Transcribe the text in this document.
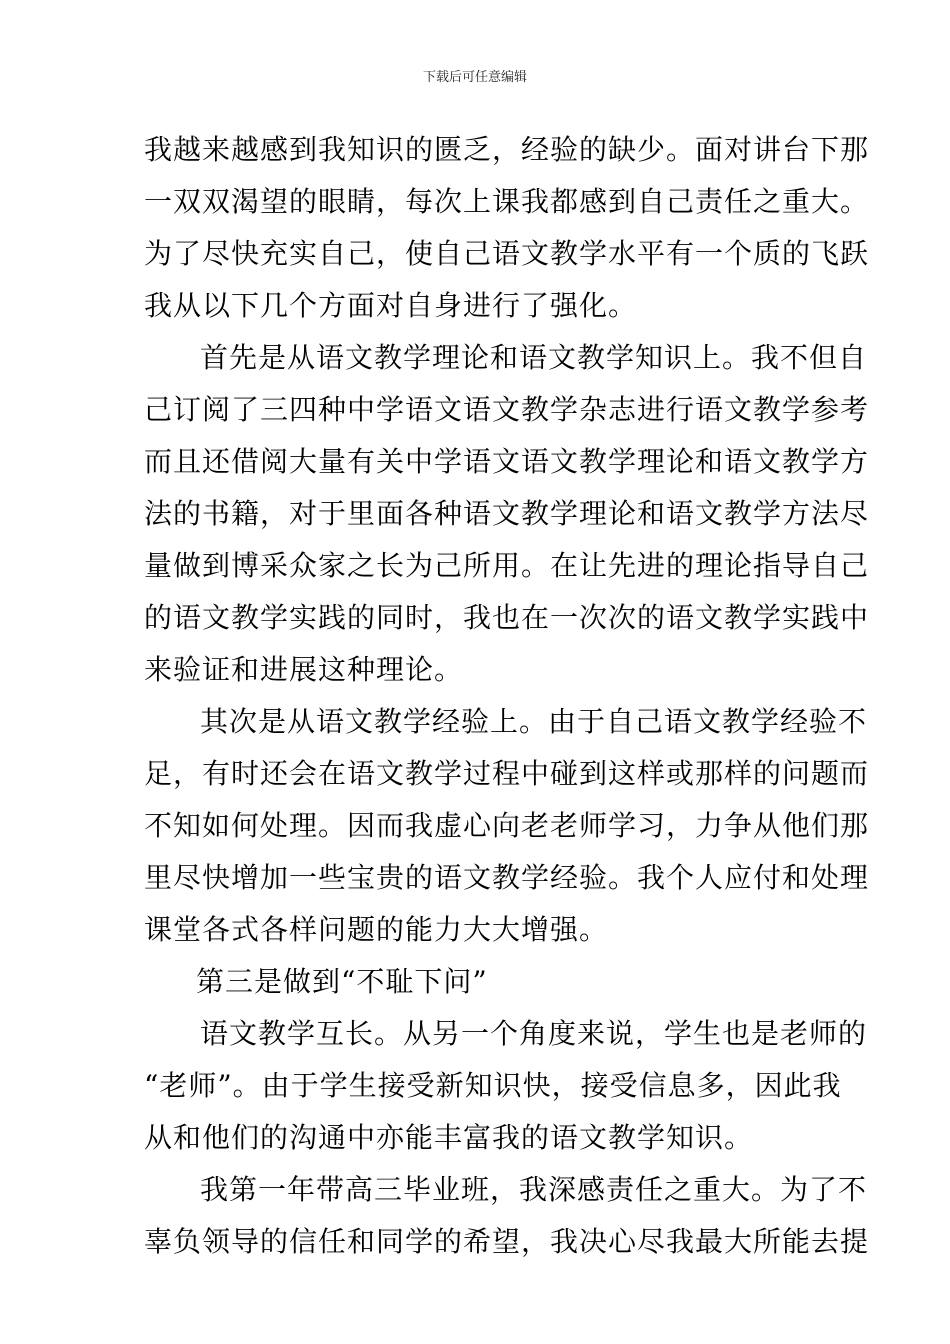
下载后可任意编辑
我越来越感到我知识的匮乏，经验的缺少。面对讲台下那
一双双渴望的眼睛，每次上课我都感到自己责任之重大。
为了尽快充实自己，使自己语文教学水平有一个质的飞跃
我从以下几个方面对自身进行了强化。
首先是从语文教学理论和语文教学知识上。我不但自
己订阅了三四种中学语文语文教学杂志进行语文教学参考
而且还借阅大量有关中学语文语文教学理论和语文教学方
法的书籍，对于里面各种语文教学理论和语文教学方法尽
量做到博采众家之长为己所用。在让先进的理论指导自己
的语文教学实践的同时，我也在一次次的语文教学实践中
来验证和进展这种理论。
其次是从语文教学经验上。由于自己语文教学经验不
足，有时还会在语文教学过程中碰到这样或那样的问题而
不知如何处理。因而我虚心向老老师学习，力争从他们那
里尽快增加一些宝贵的语文教学经验。我个人应付和处理
课堂各式各样问题的能力大大增强。
第三是做到“不耻下问”
语文教学互长。从另一个角度来说，学生也是老师的
“老师”。由于学生接受新知识快，接受信息多，因此我
从和他们的沟通中亦能丰富我的语文教学知识。
我第一年带高三毕业班，我深感责任之重大。为了不
辜负领导的信任和同学的希望，我决心尽我最大所能去提
